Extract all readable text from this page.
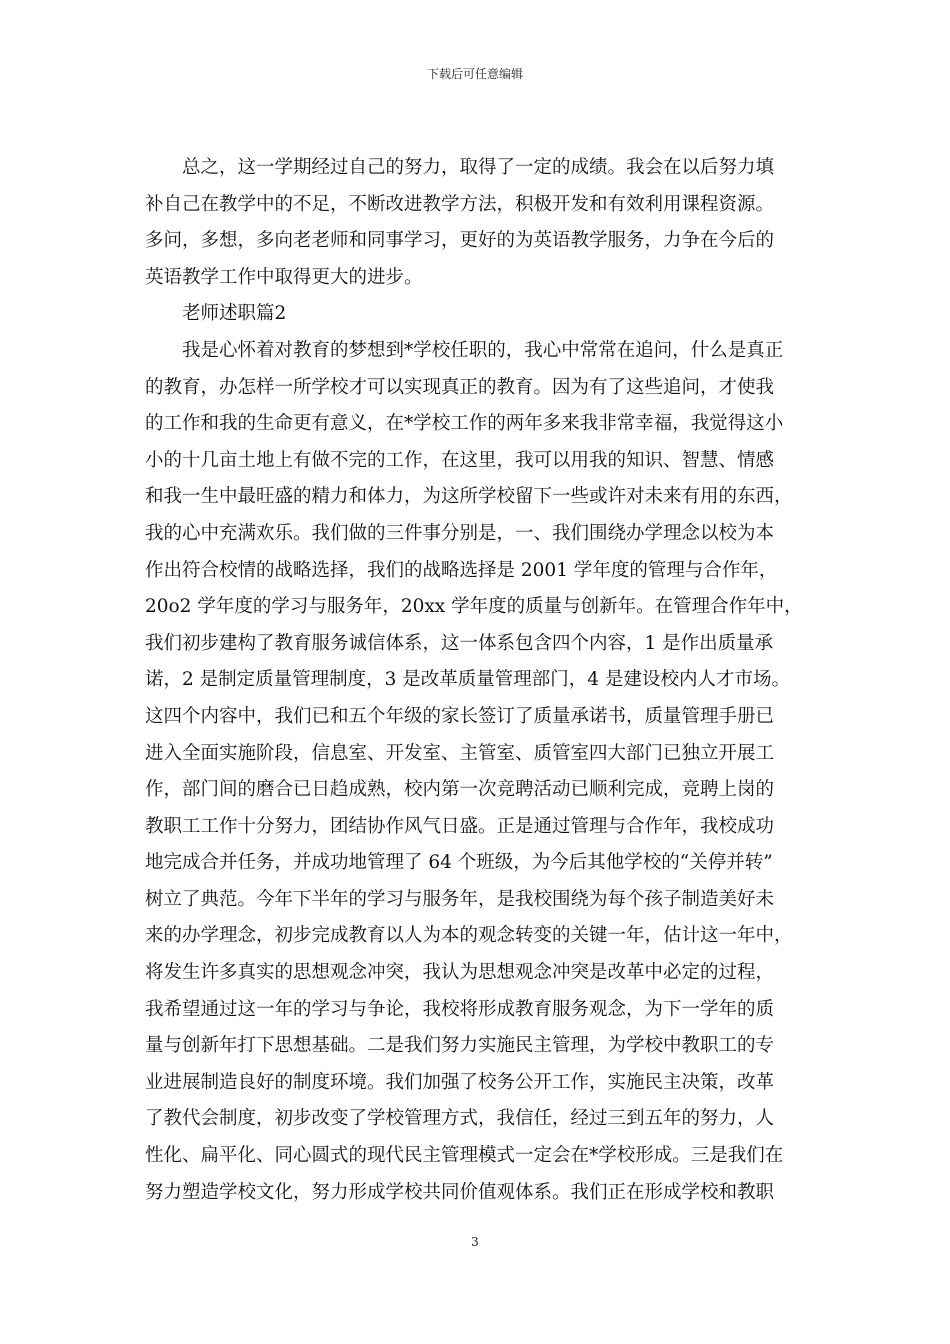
下载后可任意编辑
总之，这一学期经过自己的努力，取得了一定的成绩。我会在以后努力填
补自己在教学中的不足，不断改进教学方法，积极开发和有效利用课程资源。
多问，多想，多向老老师和同事学习，更好的为英语教学服务，力争在今后的
英语教学工作中取得更大的进步。
老师述职篇2
我是心怀着对教育的梦想到*学校任职的，我心中常常在追问，什么是真正
的教育，办怎样一所学校才可以实现真正的教育。因为有了这些追问，才使我
的工作和我的生命更有意义，在*学校工作的两年多来我非常幸福，我觉得这小
小的十几亩土地上有做不完的工作，在这里，我可以用我的知识、智慧、情感
和我一生中最旺盛的精力和体力，为这所学校留下一些或许对未来有用的东西，
我的心中充满欢乐。我们做的三件事分别是，一、我们围绕办学理念以校为本
作出符合校情的战略选择，我们的战略选择是 2001 学年度的管理与合作年，
20o2 学年度的学习与服务年，20xx 学年度的质量与创新年。在管理合作年中，
我们初步建构了教育服务诚信体系，这一体系包含四个内容，1 是作出质量承
诺，2 是制定质量管理制度，3 是改革质量管理部门，4 是建设校内人才市场。
这四个内容中，我们已和五个年级的家长签订了质量承诺书，质量管理手册已
进入全面实施阶段，信息室、开发室、主管室、质管室四大部门已独立开展工
作，部门间的磨合已日趋成熟，校内第一次竞聘活动已顺利完成，竞聘上岗的
教职工工作十分努力，团结协作风气日盛。正是通过管理与合作年，我校成功
地完成合并任务，并成功地管理了 64 个班级，为今后其他学校的“关停并转”
树立了典范。今年下半年的学习与服务年，是我校围绕为每个孩子制造美好未
来的办学理念，初步完成教育以人为本的观念转变的关键一年，估计这一年中，
将发生许多真实的思想观念冲突，我认为思想观念冲突是改革中必定的过程，
我希望通过这一年的学习与争论，我校将形成教育服务观念，为下一学年的质
量与创新年打下思想基础。二是我们努力实施民主管理，为学校中教职工的专
业进展制造良好的制度环境。我们加强了校务公开工作，实施民主决策，改革
了教代会制度，初步改变了学校管理方式，我信任，经过三到五年的努力，人
性化、扁平化、同心圆式的现代民主管理模式一定会在*学校形成。三是我们在
努力塑造学校文化，努力形成学校共同价值观体系。我们正在形成学校和教职
3
